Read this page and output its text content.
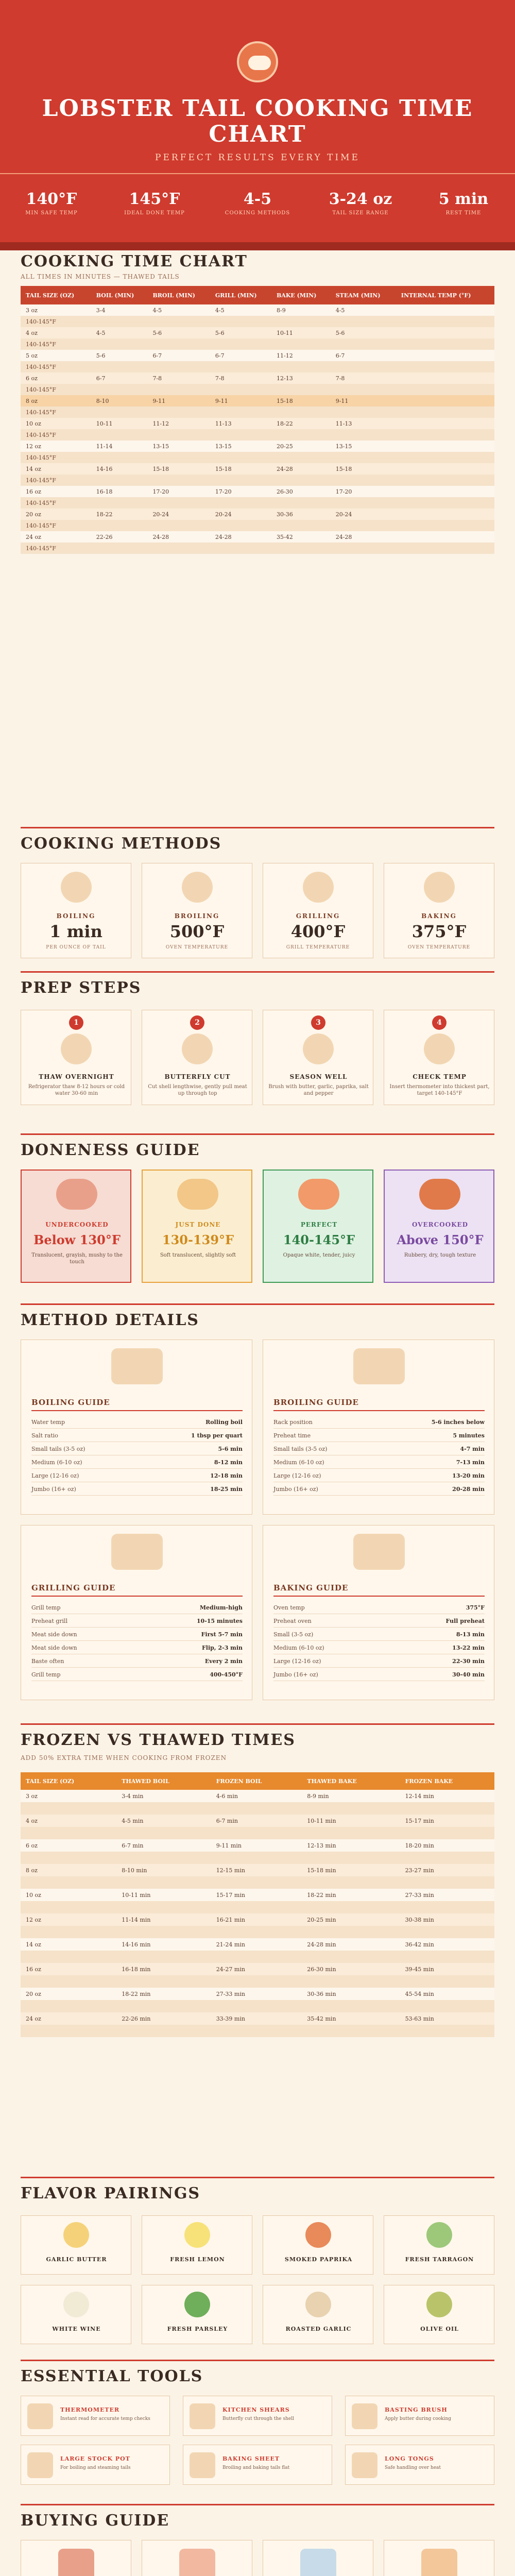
LOBSTER TAIL COOKING TIME
CHART
PERFECT RESULTS EVERY TIME
140°F
MIN SAFE TEMP
145°F
IDEAL DONE TEMP
4-5
COOKING METHODS
3-24 oz
TAIL SIZE RANGE
5 min
REST TIME
COOKING TIME CHART
ALL TIMES IN MINUTES — THAWED TAILS
TAIL SIZE (OZ)	BOIL (MIN)	BROIL (MIN)	GRILL (MIN)	BAKE (MIN)	STEAM (MIN)	INTERNAL TEMP (°F)
3 oz	3-4	4-5	4-5	8-9	4-5	
140-145°F						
4 oz	4-5	5-6	5-6	10-11	5-6	
140-145°F						
5 oz	5-6	6-7	6-7	11-12	6-7	
140-145°F						
6 oz	6-7	7-8	7-8	12-13	7-8	
140-145°F						
8 oz	8-10	9-11	9-11	15-18	9-11	
140-145°F						
10 oz	10-11	11-12	11-13	18-22	11-13	
140-145°F						
12 oz	11-14	13-15	13-15	20-25	13-15	
140-145°F						
14 oz	14-16	15-18	15-18	24-28	15-18	
140-145°F						
16 oz	16-18	17-20	17-20	26-30	17-20	
140-145°F						
20 oz	18-22	20-24	20-24	30-36	20-24	
140-145°F						
24 oz	22-26	24-28	24-28	35-42	24-28	
140-145°F						
COOKING METHODS
BOILING
1 min
PER OUNCE OF TAIL
BROILING
500°F
OVEN TEMPERATURE
GRILLING
400°F
GRILL TEMPERATURE
BAKING
375°F
OVEN TEMPERATURE
PREP STEPS
1
THAW OVERNIGHT
Refrigerator thaw 8-12 hours or cold water 30-60 min
2
BUTTERFLY CUT
Cut shell lengthwise, gently pull meat up through top
3
SEASON WELL
Brush with butter, garlic, paprika, salt and pepper
4
CHECK TEMP
Insert thermometer into thickest part, target 140-145°F
DONENESS GUIDE
UNDERCOOKED
Below 130°F
Translucent, grayish, mushy to the touch
JUST DONE
130-139°F
Soft translucent, slightly soft
PERFECT
140-145°F
Opaque white, tender, juicy
OVERCOOKED
Above 150°F
Rubbery, dry, tough texture
METHOD DETAILS
BOILING GUIDE
Water temp	Rolling boil
Salt ratio	1 tbsp per quart
Small tails (3-5 oz)	5-6 min
Medium (6-10 oz)	8-12 min
Large (12-16 oz)	12-18 min
Jumbo (16+ oz)	18-25 min
BROILING GUIDE
Rack position	5-6 inches below
Preheat time	5 minutes
Small tails (3-5 oz)	4-7 min
Medium (6-10 oz)	7-13 min
Large (12-16 oz)	13-20 min
Jumbo (16+ oz)	20-28 min
GRILLING GUIDE
Grill temp	Medium-high
Preheat grill	10-15 minutes
Meat side down	First 5-7 min
Meat side down	Flip, 2-3 min
Baste often	Every 2 min
Grill temp	400-450°F
BAKING GUIDE
Oven temp	375°F
Preheat oven	Full preheat
Small (3-5 oz)	8-13 min
Medium (6-10 oz)	13-22 min
Large (12-16 oz)	22-30 min
Jumbo (16+ oz)	30-40 min
FROZEN VS THAWED TIMES
ADD 50% EXTRA TIME WHEN COOKING FROM FROZEN
TAIL SIZE (OZ)	THAWED BOIL	FROZEN BOIL	THAWED BAKE	FROZEN BAKE
3 oz	3-4 min	4-6 min	8-9 min	12-14 min

4 oz	4-5 min	6-7 min	10-11 min	15-17 min

6 oz	6-7 min	9-11 min	12-13 min	18-20 min

8 oz	8-10 min	12-15 min	15-18 min	23-27 min

10 oz	10-11 min	15-17 min	18-22 min	27-33 min

12 oz	11-14 min	16-21 min	20-25 min	30-38 min

14 oz	14-16 min	21-24 min	24-28 min	36-42 min

16 oz	16-18 min	24-27 min	26-30 min	39-45 min

20 oz	18-22 min	27-33 min	30-36 min	45-54 min

24 oz	22-26 min	33-39 min	35-42 min	53-63 min

FLAVOR PAIRINGS
GARLIC BUTTER	FRESH LEMON	SMOKED PAPRIKA	FRESH TARRAGON
WHITE WINE	FRESH PARSLEY	ROASTED GARLIC	OLIVE OIL
ESSENTIAL TOOLS
THERMOMETER
Instant read for accurate temp checks
KITCHEN SHEARS
Butterfly cut through the shell
BASTING BRUSH
Apply butter during cooking
LARGE STOCK POT
For boiling and steaming tails
BAKING SHEET
Broiling and baking tails flat
LONG TONGS
Safe handling over heat
BUYING GUIDE
